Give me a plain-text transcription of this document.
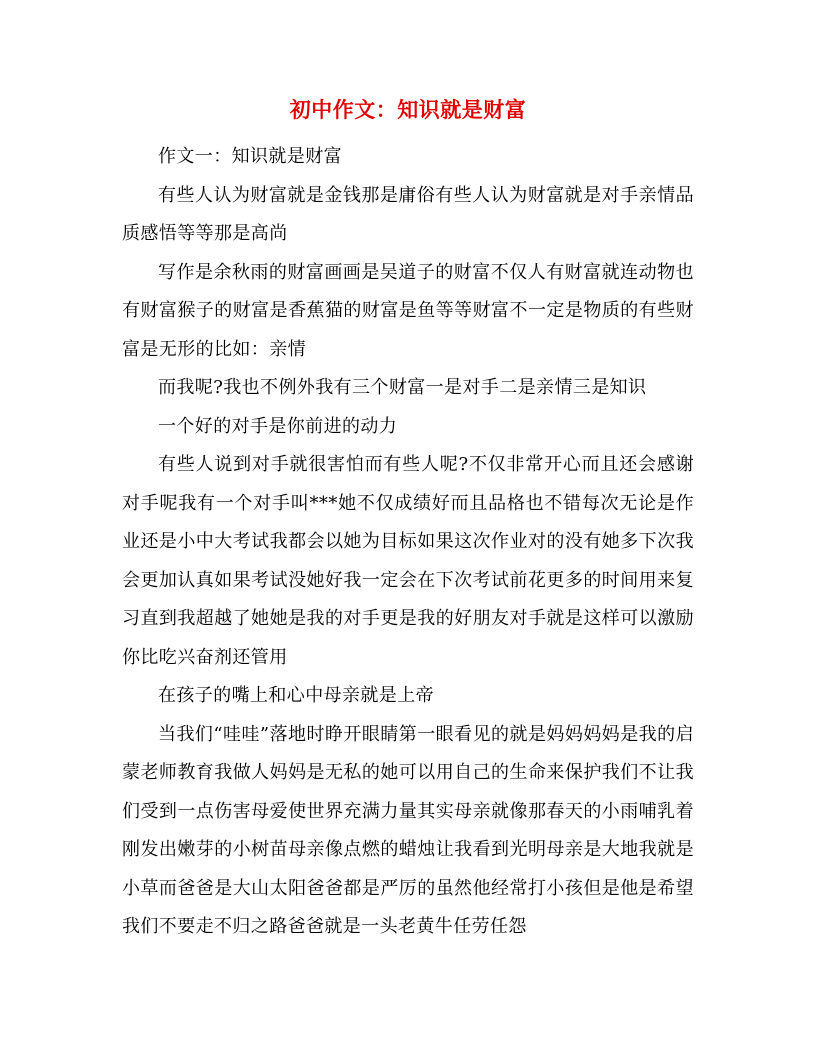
初中作文：知识就是财富

作文一：知识就是财富

有些人认为财富就是金钱那是庸俗有些人认为财富就是对手亲情品质感悟等等那是高尚

写作是余秋雨的财富画画是吴道子的财富不仅人有财富就连动物也有财富猴子的财富是香蕉猫的财富是鱼等等财富不一定是物质的有些财富是无形的比如：亲情

而我呢?我也不例外我有三个财富一是对手二是亲情三是知识

一个好的对手是你前进的动力

有些人说到对手就很害怕而有些人呢?不仅非常开心而且还会感谢对手呢我有一个对手叫***她不仅成绩好而且品格也不错每次无论是作业还是小中大考试我都会以她为目标如果这次作业对的没有她多下次我会更加认真如果考试没她好我一定会在下次考试前花更多的时间用来复习直到我超越了她她是我的对手更是我的好朋友对手就是这样可以激励你比吃兴奋剂还管用

在孩子的嘴上和心中母亲就是上帝

当我们“哇哇”落地时睁开眼睛第一眼看见的就是妈妈妈妈是我的启蒙老师教育我做人妈妈是无私的她可以用自己的生命来保护我们不让我们受到一点伤害母爱使世界充满力量其实母亲就像那春天的小雨哺乳着刚发出嫩芽的小树苗母亲像点燃的蜡烛让我看到光明母亲是大地我就是小草而爸爸是大山太阳爸爸都是严厉的虽然他经常打小孩但是他是希望我们不要走不归之路爸爸就是一头老黄牛任劳任怨
